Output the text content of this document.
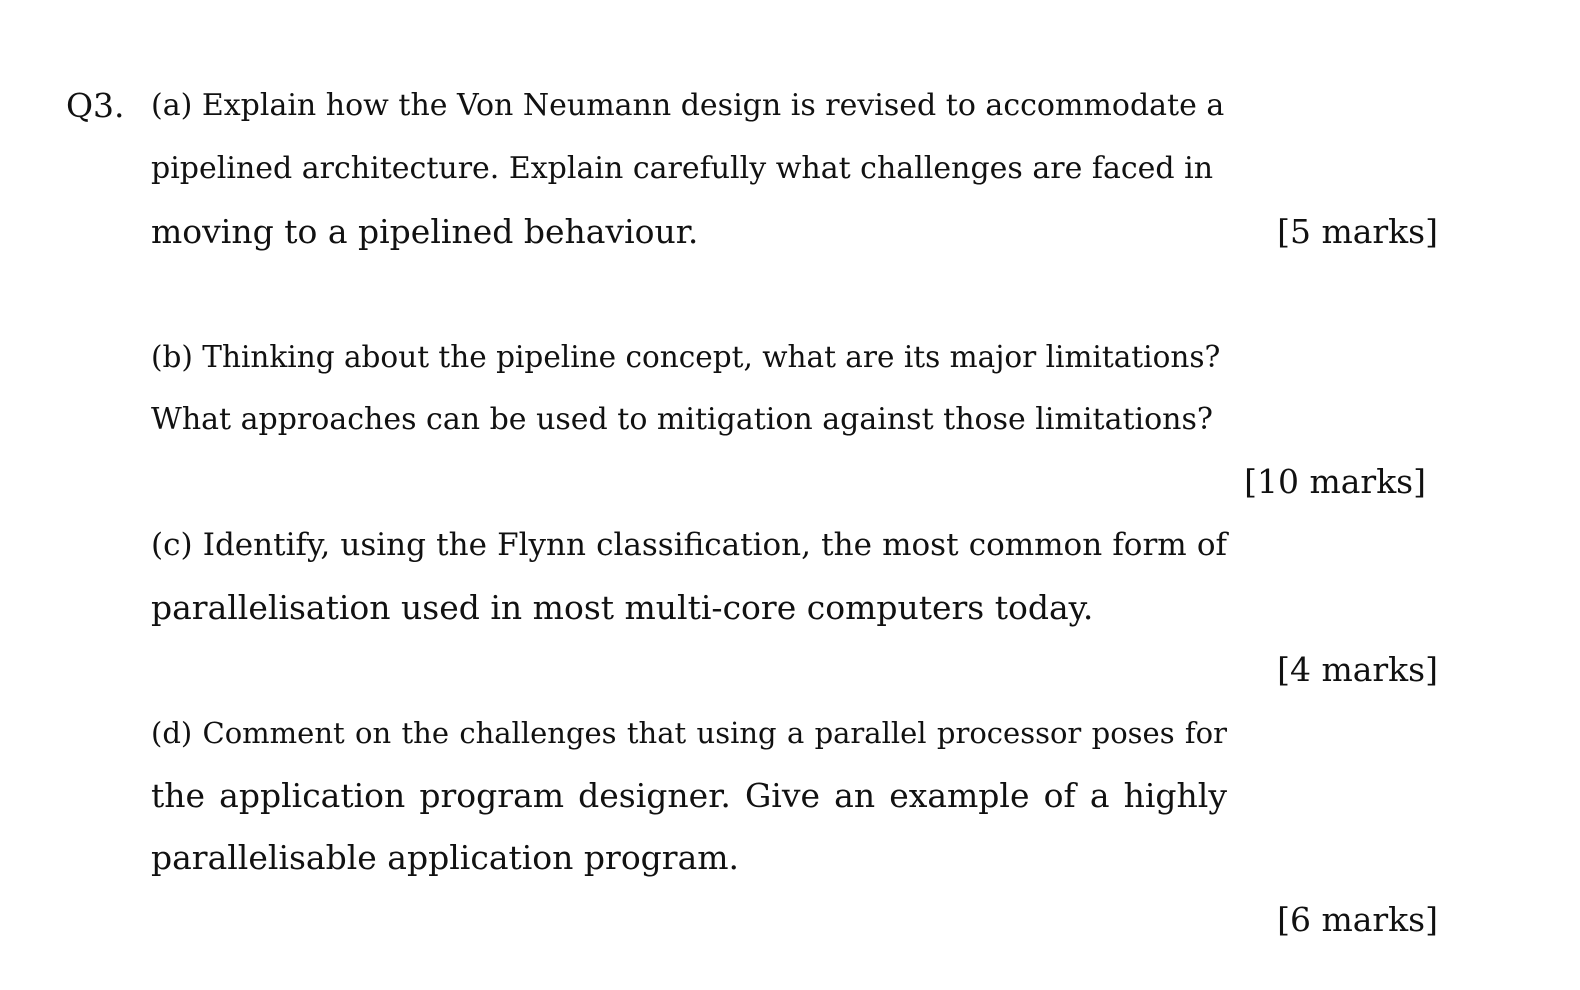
Q3. (a) Explain how the Von Neumann design is revised to accommodate a
pipelined architecture. Explain carefully what challenges are faced in
moving to a pipelined behaviour.	[5 marks]
(b) Thinking about the pipeline concept, what are its major limitations?
What approaches can be used to mitigation against those limitations?
[10 marks]
(c) Identify, using the Flynn classification, the most common form of
parallelisation used in most multi-core computers today.
[4 marks]
(d) Comment on the challenges that using a parallel processor poses for
the application program designer. Give an example of a highly
parallelisable application program.
[6 marks]
